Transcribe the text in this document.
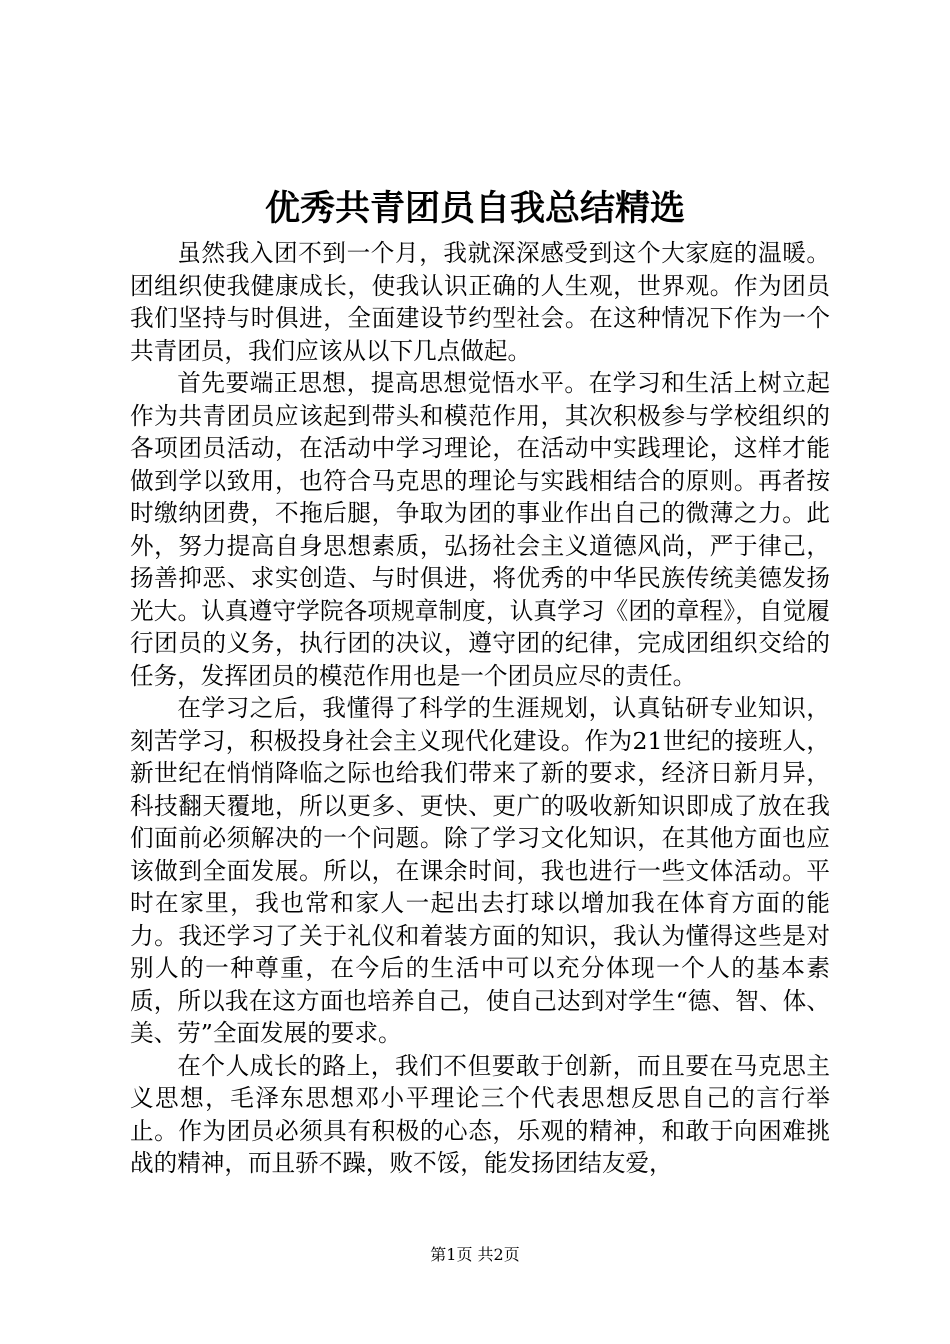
优秀共青团员自我总结精选

虽然我入团不到一个月，我就深深感受到这个大家庭的温暖。团组织使我健康成长，使我认识正确的人生观，世界观。作为团员我们坚持与时俱进，全面建设节约型社会。在这种情况下作为一个共青团员，我们应该从以下几点做起。

首先要端正思想，提高思想觉悟水平。在学习和生活上树立起作为共青团员应该起到带头和模范作用，其次积极参与学校组织的各项团员活动，在活动中学习理论，在活动中实践理论，这样才能做到学以致用，也符合马克思的理论与实践相结合的原则。再者按时缴纳团费，不拖后腿，争取为团的事业作出自己的微薄之力。此外，努力提高自身思想素质，弘扬社会主义道德风尚，严于律己，扬善抑恶、求实创造、与时俱进，将优秀的中华民族传统美德发扬光大。认真遵守学院各项规章制度，认真学习《团的章程》，自觉履行团员的义务，执行团的决议，遵守团的纪律，完成团组织交给的任务，发挥团员的模范作用也是一个团员应尽的责任。

在学习之后，我懂得了科学的生涯规划，认真钻研专业知识，刻苦学习，积极投身社会主义现代化建设。作为21世纪的接班人，新世纪在悄悄降临之际也给我们带来了新的要求，经济日新月异，科技翻天覆地，所以更多、更快、更广的吸收新知识即成了放在我们面前必须解决的一个问题。除了学习文化知识，在其他方面也应该做到全面发展。所以，在课余时间，我也进行一些文体活动。平时在家里，我也常和家人一起出去打球以增加我在体育方面的能力。我还学习了关于礼仪和着装方面的知识，我认为懂得这些是对别人的一种尊重，在今后的生活中可以充分体现一个人的基本素质，所以我在这方面也培养自己，使自己达到对学生“德、智、体、美、劳”全面发展的要求。

在个人成长的路上，我们不但要敢于创新，而且要在马克思主义思想，毛泽东思想邓小平理论三个代表思想反思自己的言行举止。作为团员必须具有积极的心态，乐观的精神，和敢于向困难挑战的精神，而且骄不躁，败不馁，能发扬团结友爱，

第1页 共2页
